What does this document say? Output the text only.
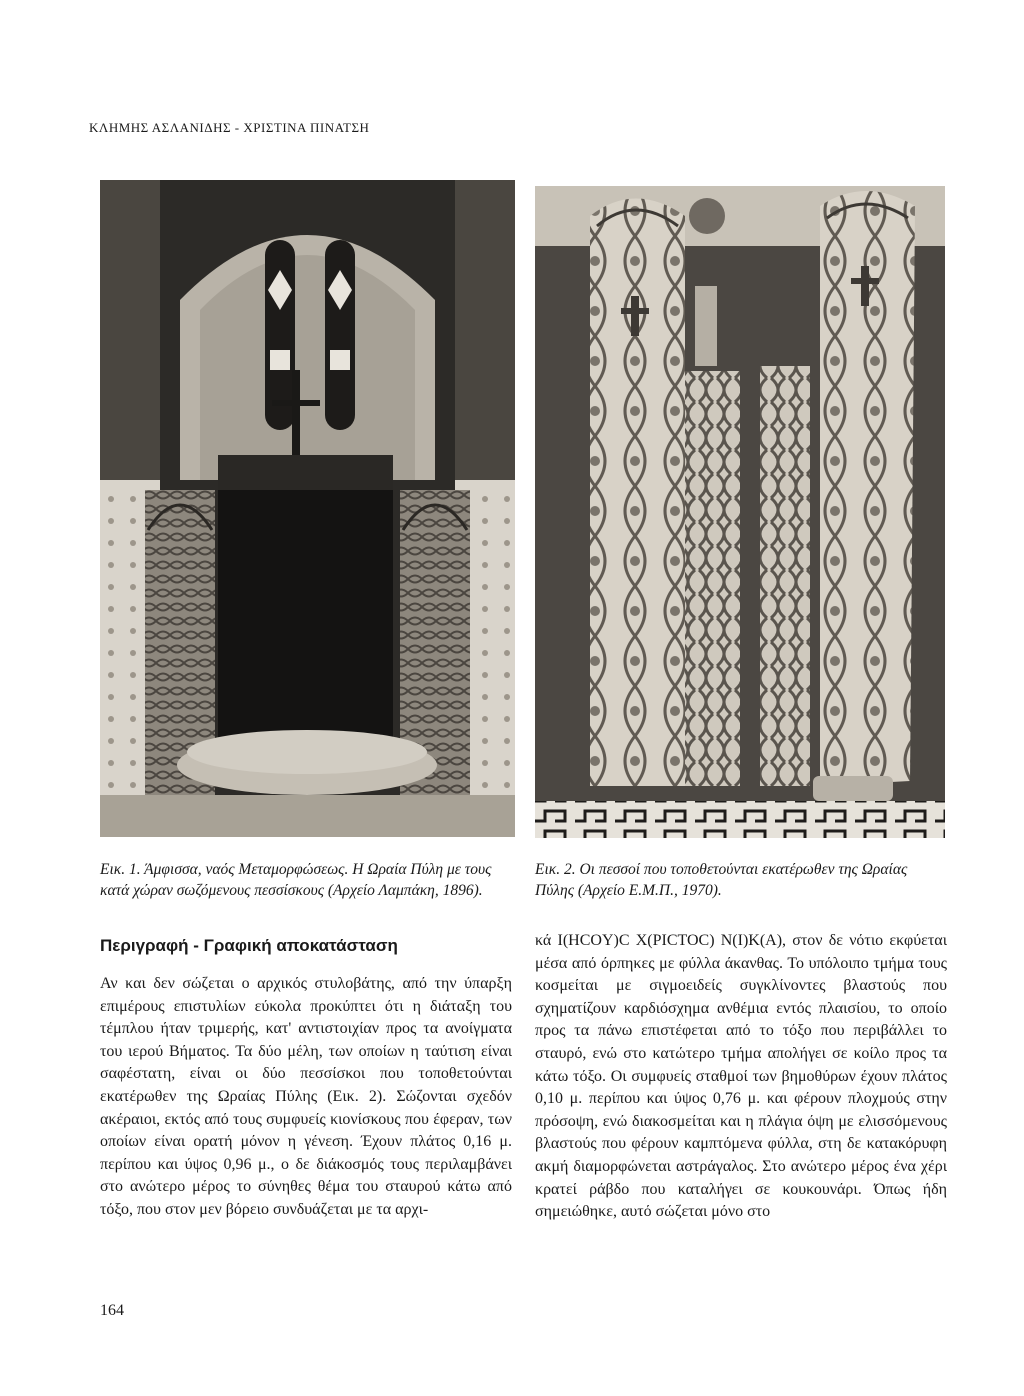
ΚΛΗΜΗΣ ΑΣΛΑΝΙΔΗΣ - ΧΡΙΣΤΙΝΑ ΠΙΝΑΤΣΗ
Εικ. 1. Άμφισσα, ναός Μεταμορφώσεως. Η Ωραία Πύλη με τους κατά χώραν σωζόμενους πεσσίσκους (Αρχείο Λαμπάκη, 1896).
Εικ. 2. Οι πεσσοί που τοποθετούνται εκατέρωθεν της Ωραίας Πύλης (Αρχείο Ε.Μ.Π., 1970).
Περιγραφή - Γραφική αποκατάσταση
Αν και δεν σώζεται ο αρχικός στυλοβάτης, από την ύπαρξη επιμέρους επιστυλίων εύκολα προκύπτει ότι η διάταξη του τέμπλου ήταν τριμερής, κατ' αντιστοιχίαν προς τα ανοίγματα του ιερού Βήματος. Τα δύο μέλη, των οποίων η ταύτιση είναι σαφέστατη, είναι οι δύο πεσσίσκοι που τοποθετούνται εκατέρωθεν της Ωραίας Πύλης (Εικ. 2). Σώζονται σχεδόν ακέραιοι, εκτός από τους συμφυείς κιονίσκους που έφεραν, των οποίων είναι ορατή μόνον η γένεση. Έχουν πλάτος 0,16 μ. περίπου και ύψος 0,96 μ., ο δε διάκοσμός τους περιλαμβάνει στο ανώτερο μέρος το σύνηθες θέμα του σταυρού κάτω από τόξο, που στον μεν βόρειο συνδυάζεται με τα αρχι-
κά I(HCOY)C X(PICTOC) N(I)K(A), στον δε νότιο εκφύεται μέσα από όρπηκες με φύλλα άκανθας. Το υπόλοιπο τμήμα τους κοσμείται με σιγμοειδείς συγκλίνοντες βλαστούς που σχηματίζουν καρδιόσχημα ανθέμια εντός πλαισίου, το οποίο προς τα πάνω επιστέφεται από το τόξο που περιβάλλει το σταυρό, ενώ στο κατώτερο τμήμα απολήγει σε κοίλο προς τα κάτω τόξο. Οι συμφυείς σταθμοί των βημοθύρων έχουν πλάτος 0,10 μ. περίπου και ύψος 0,76 μ. και φέρουν πλοχμούς στην πρόσοψη, ενώ διακοσμείται και η πλάγια όψη με ελισσόμενους βλαστούς που φέρουν καμπτόμενα φύλλα, στη δε κατακόρυφη ακμή διαμορφώνεται αστράγαλος. Στο ανώτερο μέρος ένα χέρι κρατεί ράβδο που καταλήγει σε κουκουνάρι. Όπως ήδη σημειώθηκε, αυτό σώζεται μόνο στο
164
